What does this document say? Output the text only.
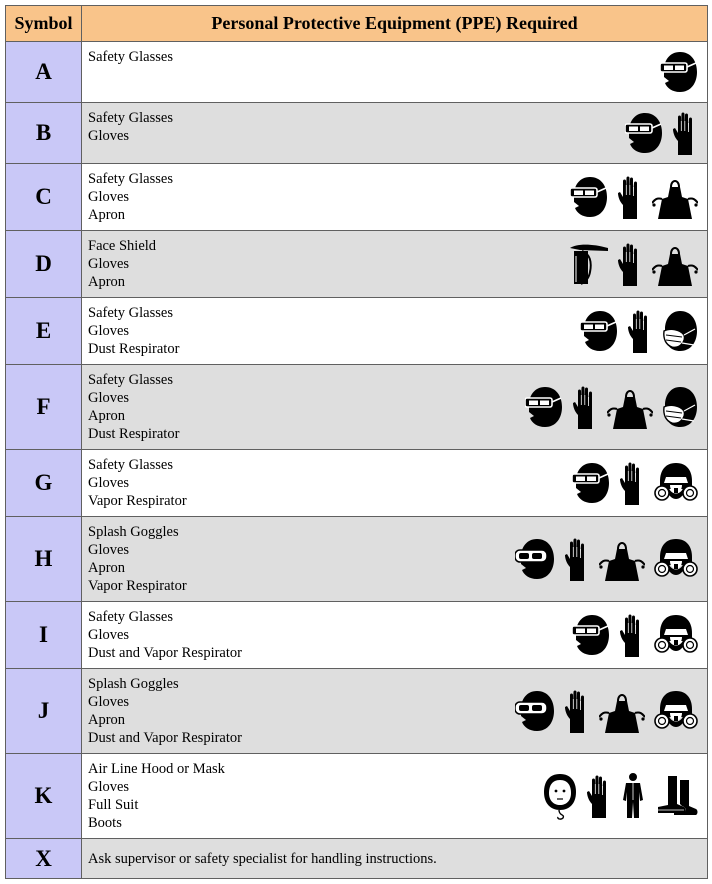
Symbol	Personal Protective Equipment (PPE) Required
A	Safety Glasses

B	Safety Glasses
Gloves

C	Safety Glasses
Gloves
Apron

D	Face Shield
Gloves
Apron

E	Safety Glasses
Gloves
Dust Respirator

F	Safety Glasses
Gloves
Apron
Dust Respirator

G	Safety Glasses
Gloves
Vapor Respirator

H	Splash Goggles
Gloves
Apron
Vapor Respirator

I	Safety Glasses
Gloves
Dust and Vapor Respirator

J	Splash Goggles
Gloves
Apron
Dust and Vapor Respirator

K	Air Line Hood or Mask
Gloves
Full Suit
Boots

X	Ask supervisor or safety specialist for handling instructions.
